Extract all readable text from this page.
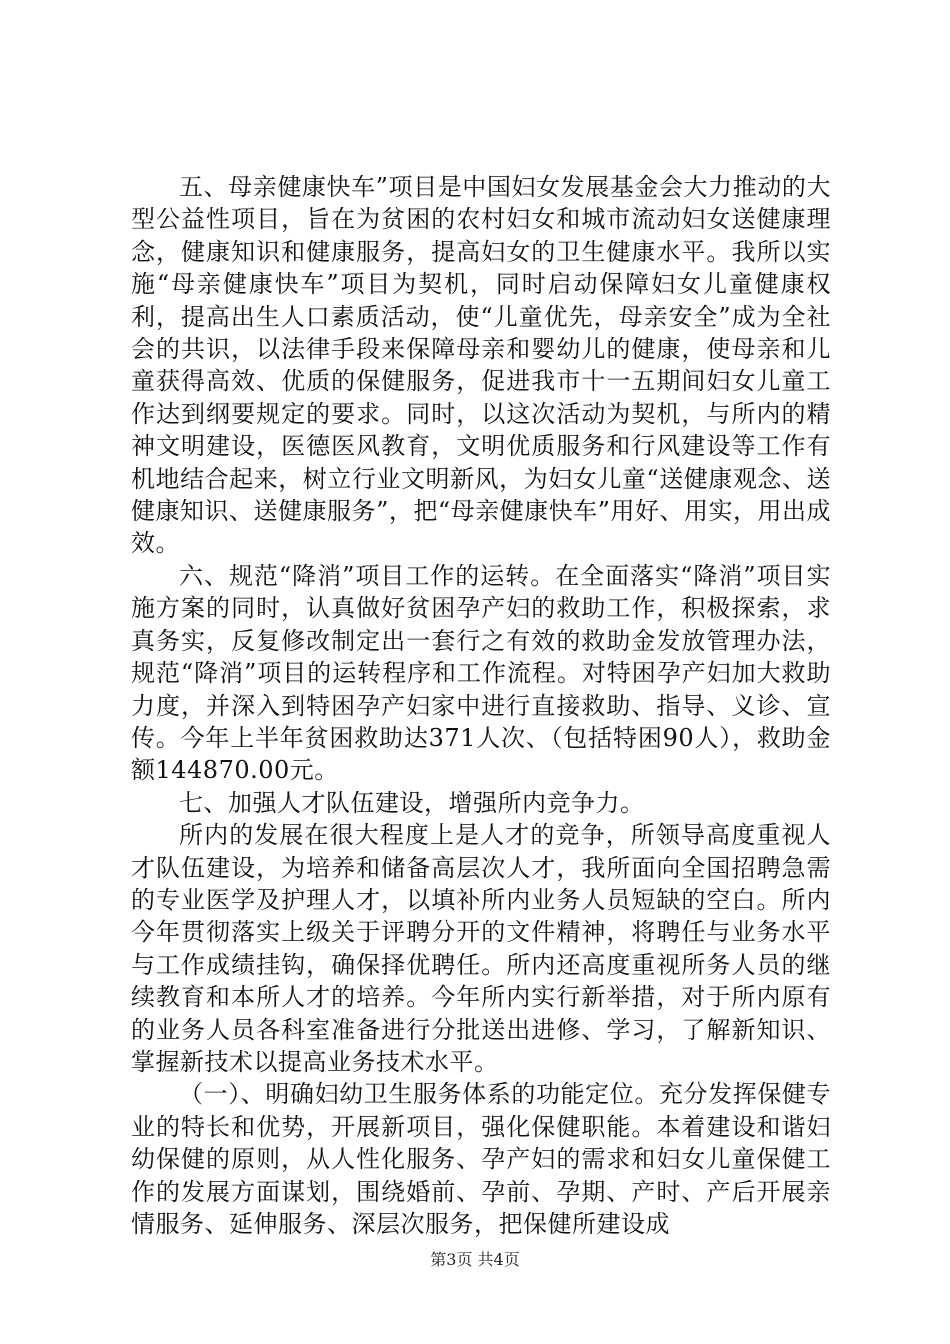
五、母亲健康快车”项目是中国妇女发展基金会大力推动的大型公益性项目，旨在为贫困的农村妇女和城市流动妇女送健康理念，健康知识和健康服务，提高妇女的卫生健康水平。我所以实施“母亲健康快车”项目为契机，同时启动保障妇女儿童健康权利，提高出生人口素质活动，使“儿童优先，母亲安全”成为全社会的共识，以法律手段来保障母亲和婴幼儿的健康，使母亲和儿童获得高效、优质的保健服务，促进我市十一五期间妇女儿童工作达到纲要规定的要求。同时，以这次活动为契机，与所内的精神文明建设，医德医风教育，文明优质服务和行风建设等工作有机地结合起来，树立行业文明新风，为妇女儿童“送健康观念、送健康知识、送健康服务”，把“母亲健康快车”用好、用实，用出成效。

六、规范“降消”项目工作的运转。在全面落实“降消”项目实施方案的同时，认真做好贫困孕产妇的救助工作，积极探索，求真务实，反复修改制定出一套行之有效的救助金发放管理办法，规范“降消”项目的运转程序和工作流程。对特困孕产妇加大救助力度，并深入到特困孕产妇家中进行直接救助、指导、义诊、宣传。今年上半年贫困救助达371人次、（包括特困90人），救助金额144870.00元。

七、加强人才队伍建设，增强所内竞争力。

所内的发展在很大程度上是人才的竞争，所领导高度重视人才队伍建设，为培养和储备高层次人才，我所面向全国招聘急需的专业医学及护理人才，以填补所内业务人员短缺的空白。所内今年贯彻落实上级关于评聘分开的文件精神，将聘任与业务水平与工作成绩挂钩，确保择优聘任。所内还高度重视所务人员的继续教育和本所人才的培养。今年所内实行新举措，对于所内原有的业务人员各科室准备进行分批送出进修、学习，了解新知识、掌握新技术以提高业务技术水平。

（一）、明确妇幼卫生服务体系的功能定位。充分发挥保健专业的特长和优势，开展新项目，强化保健职能。本着建设和谐妇幼保健的原则，从人性化服务、孕产妇的需求和妇女儿童保健工作的发展方面谋划，围绕婚前、孕前、孕期、产时、产后开展亲情服务、延伸服务、深层次服务，把保健所建设成

第3页 共4页
